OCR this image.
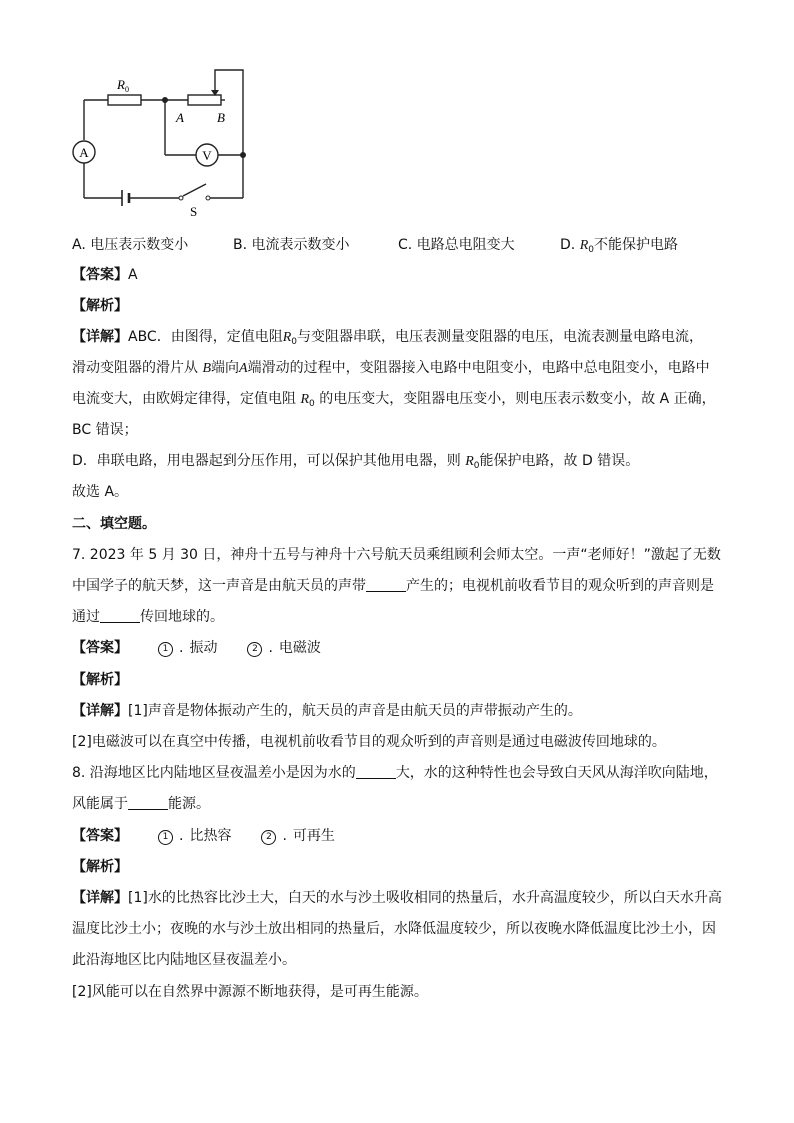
$R_0$
A	B
A	V
S
A. 电压表示数变小	B. 电流表示数变小	C. 电路总电阻变大	D. $R_0$不能保护电路
【答案】A
【解析】
【详解】ABC．由图得，定值电阻$R_0$与变阻器串联，电压表测量变阻器的电压，电流表测量电路电流，
滑动变阻器的滑片从 B端向A端滑动的过程中，变阻器接入电路中电阻变小，电路中总电阻变小，电路中
电流变大，由欧姆定律得，定值电阻 $R_0$ 的电压变大，变阻器电压变小，则电压表示数变小，故 A 正确，
BC 错误；
D．串联电路，用电器起到分压作用，可以保护其他用电器，则 $R_0$能保护电路，故 D 错误。
故选 A。
二、填空题。
7. 2023 年 5 月 30 日，神舟十五号与神舟十六号航天员乘组顾利会师太空。一声“老师好！”激起了无数
中国学子的航天梦，这一声音是由航天员的声带	产生的；电视机前收看节目的观众听到的声音则是
通过	传回地球的。
【答案】	1 . 振动	2 . 电磁波
【解析】
【详解】[1]声音是物体振动产生的，航天员的声音是由航天员的声带振动产生的。
[2]电磁波可以在真空中传播，电视机前收看节目的观众听到的声音则是通过电磁波传回地球的。
8. 沿海地区比内陆地区昼夜温差小是因为水的	大，水的这种特性也会导致白天风从海洋吹向陆地，
风能属于	能源。
【答案】	1 . 比热容	2 . 可再生
【解析】
【详解】[1]水的比热容比沙土大，白天的水与沙土吸收相同的热量后，水升高温度较少，所以白天水升高
温度比沙土小；夜晚的水与沙土放出相同的热量后，水降低温度较少，所以夜晚水降低温度比沙土小，因
此沿海地区比内陆地区昼夜温差小。
[2]风能可以在自然界中源源不断地获得，是可再生能源。
